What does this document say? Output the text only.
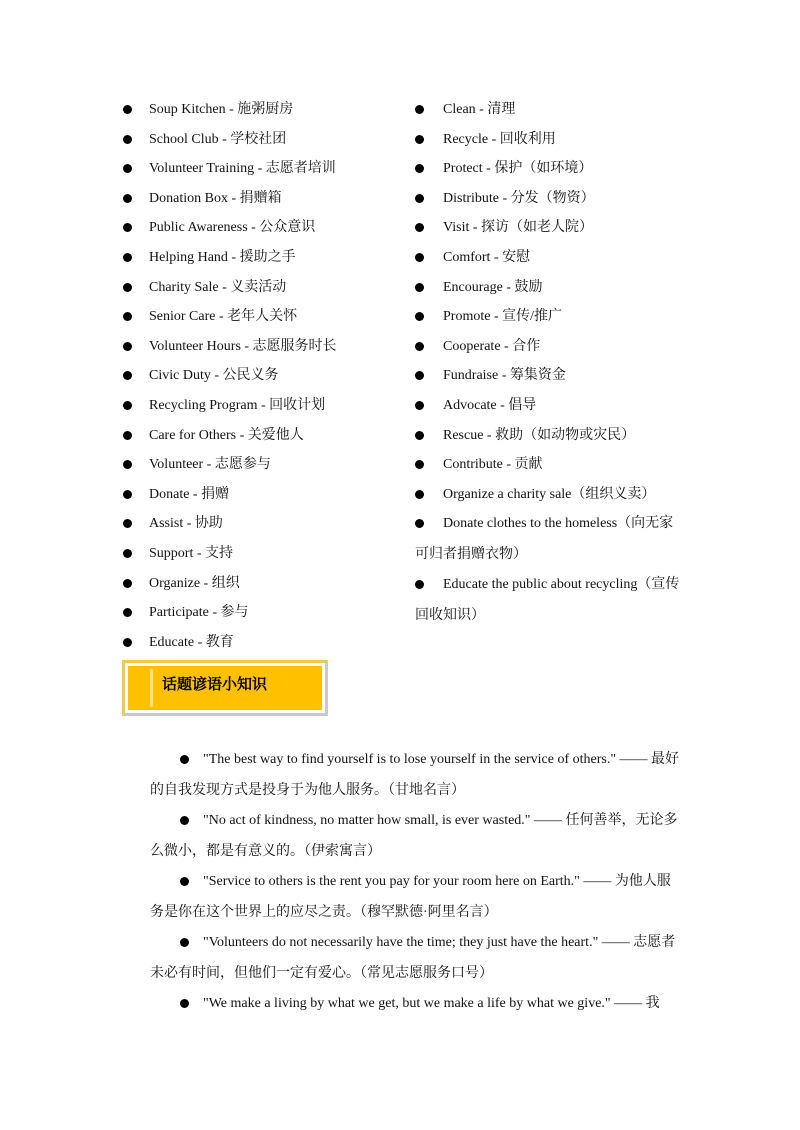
Soup Kitchen - 施粥厨房
School Club - 学校社团
Volunteer Training - 志愿者培训
Donation Box - 捐赠箱
Public Awareness - 公众意识
Helping Hand - 援助之手
Charity Sale - 义卖活动
Senior Care - 老年人关怀
Volunteer Hours - 志愿服务时长
Civic Duty - 公民义务
Recycling Program - 回收计划
Care for Others - 关爱他人
Volunteer - 志愿参与
Donate - 捐赠
Assist - 协助
Support - 支持
Organize - 组织
Participate - 参与
Educate - 教育
Clean - 清理
Recycle - 回收利用
Protect - 保护（如环境）
Distribute - 分发（物资）
Visit - 探访（如老人院）
Comfort - 安慰
Encourage - 鼓励
Promote - 宣传/推广
Cooperate - 合作
Fundraise - 筹集资金
Advocate - 倡导
Rescue - 救助（如动物或灾民）
Contribute - 贡献
Organize a charity sale（组织义卖）
Donate clothes to the homeless（向无家可归者捐赠衣物）
Educate the public about recycling（宣传回收知识）
话题谚语小知识

"The best way to find yourself is to lose yourself in the service of others." —— 最好的自我发现方式是投身于为他人服务。（甘地名言）

"No act of kindness, no matter how small, is ever wasted." —— 任何善举，无论多么微小，都是有意义的。（伊索寓言）

"Service to others is the rent you pay for your room here on Earth." —— 为他人服务是你在这个世界上的应尽之责。（穆罕默德·阿里名言）

"Volunteers do not necessarily have the time; they just have the heart." —— 志愿者未必有时间，但他们一定有爱心。（常见志愿服务口号）

"We make a living by what we get, but we make a life by what we give." —— 我
